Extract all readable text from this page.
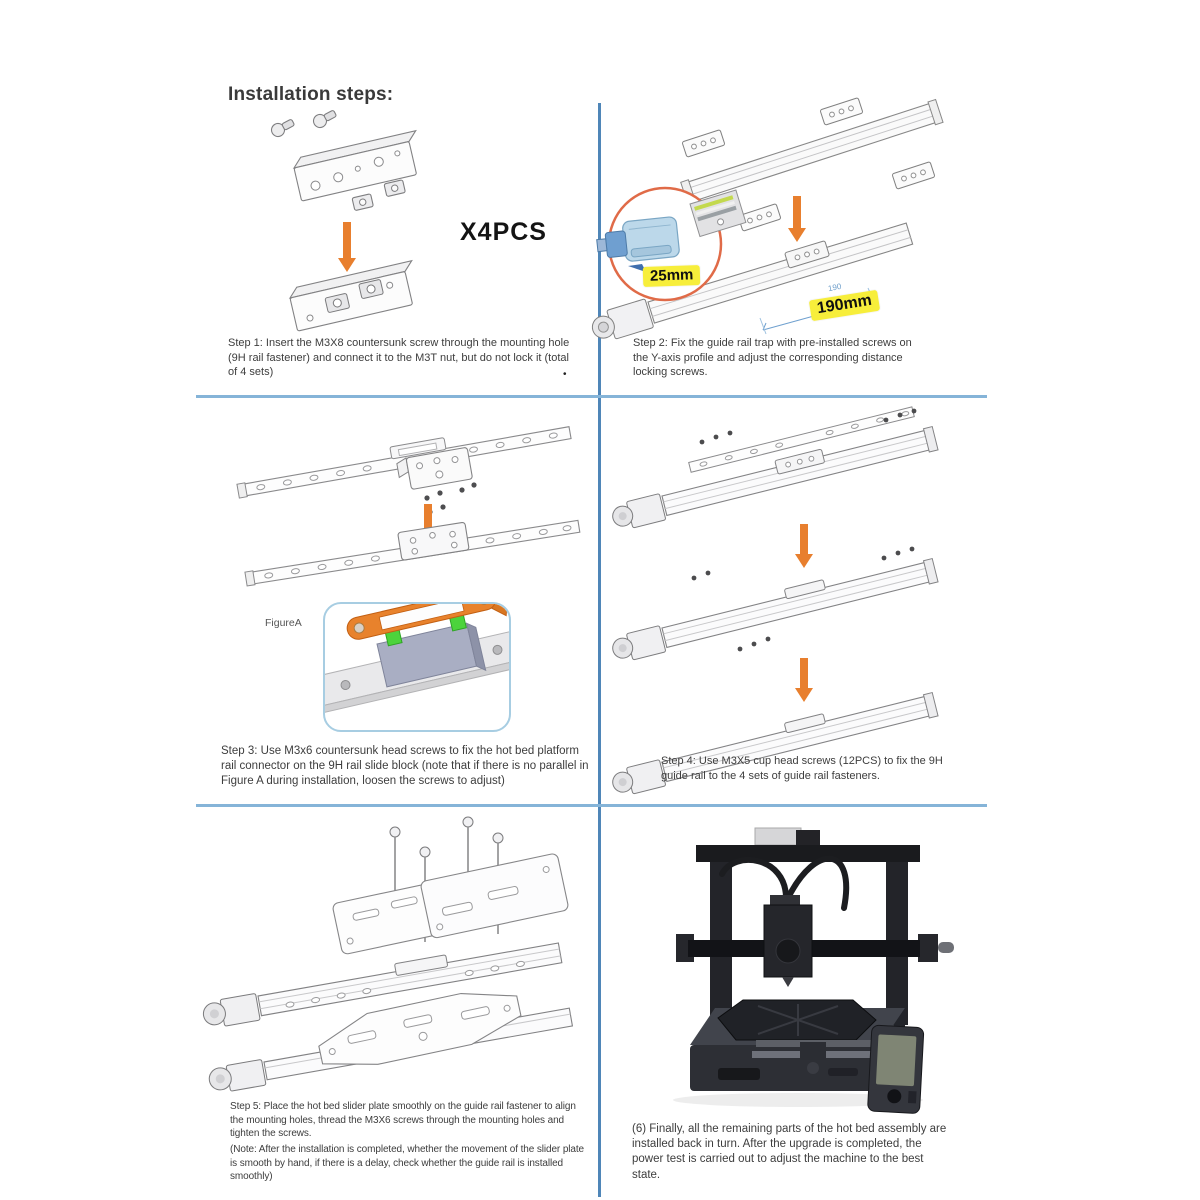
Installation steps:
X4PCS
Step 1: Insert the M3X8 countersunk screw through the mounting hole (9H rail fastener) and connect it to the M3T nut, but do not lock it (total of 4 sets)	•
25mm
190
190mm
Step 2: Fix the guide rail trap with pre-installed screws on the Y-axis profile and adjust the corresponding distance locking screws.
FigureA
Step 3: Use M3x6 countersunk head screws to fix the hot bed platform rail connector on the 9H rail slide block (note that if there is no parallel in Figure A during installation, loosen the screws to adjust)
Step 4: Use M3X5 cup head screws (12PCS) to fix the 9H guide rail to the 4 sets of guide rail fasteners.
Step 5: Place the hot bed slider plate smoothly on the guide rail fastener to align the mounting holes, thread the M3X6 screws through the mounting holes and tighten the screws.
(Note: After the installation is completed, whether the movement of the slider plate is smooth by hand, if there is a delay, check whether the guide rail is installed smoothly)
(6) Finally, all the remaining parts of the hot bed assembly are installed back in turn. After the upgrade is completed, the power test is carried out to adjust the machine to the best state.
